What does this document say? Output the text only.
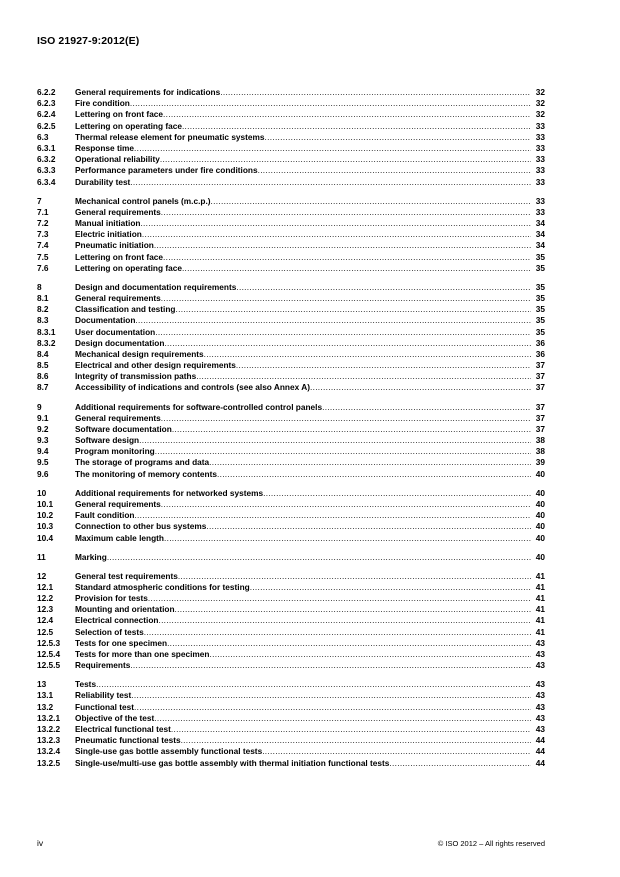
ISO 21927-9:2012(E)
6.2.2	General requirements for indications .....	32
6.2.3	Fire condition .....	32
6.2.4	Lettering on front face .....	32
6.2.5	Lettering on operating face .....	33
6.3	Thermal release element for pneumatic systems .....	33
6.3.1	Response time .....	33
6.3.2	Operational reliability .....	33
6.3.3	Performance parameters under fire conditions .....	33
6.3.4	Durability test .....	33
7	Mechanical control panels (m.c.p.) .....	33
7.1	General requirements .....	33
7.2	Manual initiation .....	34
7.3	Electric initiation .....	34
7.4	Pneumatic initiation .....	34
7.5	Lettering on front face .....	35
7.6	Lettering on operating face .....	35
8	Design and documentation requirements .....	35
8.1	General requirements .....	35
8.2	Classification and testing .....	35
8.3	Documentation .....	35
8.3.1	User documentation .....	35
8.3.2	Design documentation .....	36
8.4	Mechanical design requirements .....	36
8.5	Electrical and other design requirements .....	37
8.6	Integrity of transmission paths .....	37
8.7	Accessibility of indications and controls (see also Annex A) .....	37
9	Additional requirements for software-controlled control panels .....	37
9.1	General requirements .....	37
9.2	Software documentation .....	37
9.3	Software design .....	38
9.4	Program monitoring .....	38
9.5	The storage of programs and data .....	39
9.6	The monitoring of memory contents .....	40
10	Additional requirements for networked systems .....	40
10.1	General requirements .....	40
10.2	Fault condition .....	40
10.3	Connection to other bus systems .....	40
10.4	Maximum cable length .....	40
11	Marking .....	40
12	General test requirements .....	41
12.1	Standard atmospheric conditions for testing .....	41
12.2	Provision for tests .....	41
12.3	Mounting and orientation .....	41
12.4	Electrical connection .....	41
12.5	Selection of tests .....	41
12.5.3	Tests for one specimen .....	43
12.5.4	Tests for more than one specimen .....	43
12.5.5	Requirements .....	43
13	Tests .....	43
13.1	Reliability test .....	43
13.2	Functional test .....	43
13.2.1	Objective of the test .....	43
13.2.2	Electrical functional test .....	43
13.2.3	Pneumatic functional tests .....	44
13.2.4	Single-use gas bottle assembly functional tests .....	44
13.2.5	Single-use/multi-use gas bottle assembly with thermal initiation functional tests .....	44
iv	© ISO 2012 – All rights reserved
